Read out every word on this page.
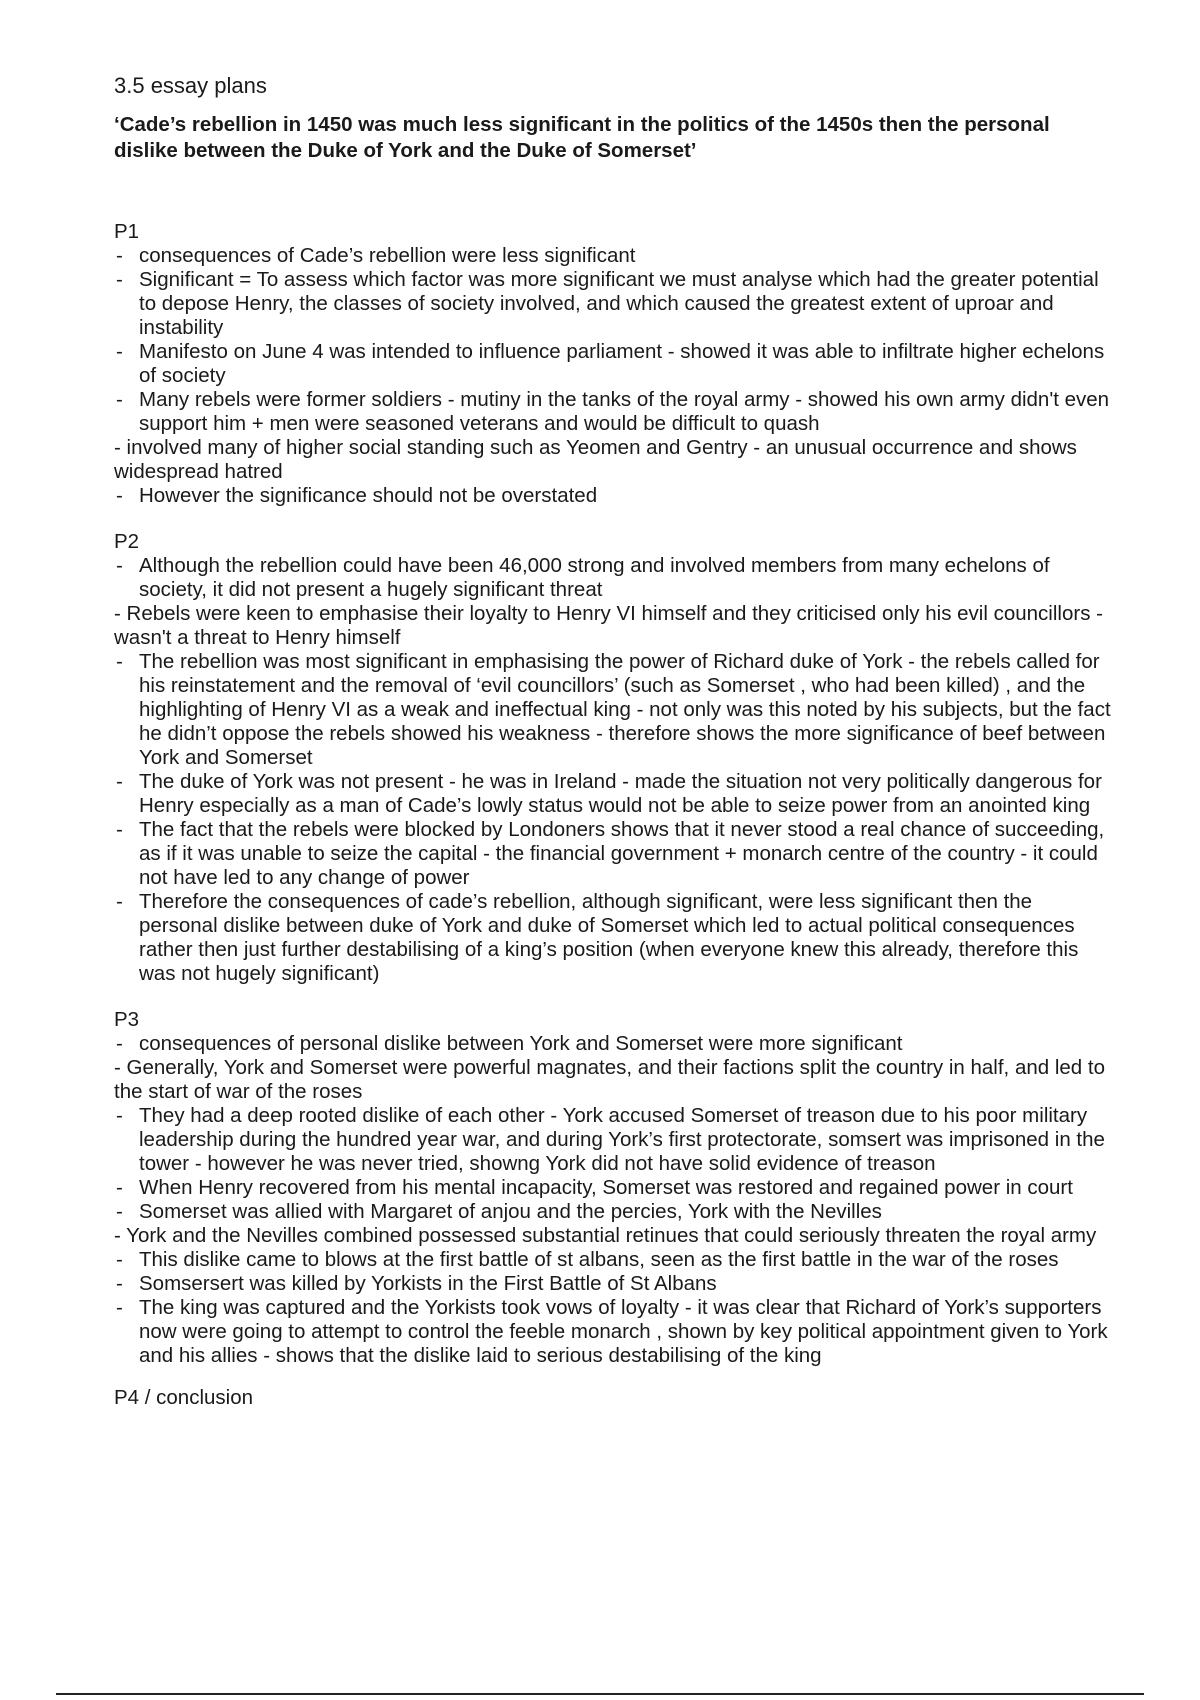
3.5 essay plans
‘Cade’s rebellion in 1450 was much less significant in the politics of the 1450s then the personal dislike between the Duke of York and the Duke of Somerset’
P1
- consequences of Cade’s rebellion were less significant
- Significant = To assess which factor was more significant we must analyse which had the greater potential to depose Henry, the classes of society involved, and which caused the greatest extent of uproar and instability
- Manifesto on June 4 was intended to influence parliament - showed it was able to infiltrate higher echelons of society
- Many rebels were former soldiers - mutiny in the tanks of the royal army - showed his own army didn't even support him + men were seasoned veterans and would be difficult to quash
- involved many of higher social standing such as Yeomen and Gentry - an unusual occurrence and shows widespread hatred
- However the significance should not be overstated
P2
- Although the rebellion could have been 46,000 strong and involved members from many echelons of society, it did not present a hugely significant threat
- Rebels were keen to emphasise their loyalty to Henry VI himself and they criticised only his evil councillors - wasn't a threat to Henry himself
- The rebellion was most significant in emphasising the power of Richard duke of York - the rebels called for his reinstatement and the removal of ‘evil councillors’ (such as Somerset , who had been killed) , and the highlighting of Henry VI as a weak and ineffectual king - not only was this noted by his subjects, but the fact he didn’t oppose the rebels showed his weakness - therefore shows the more significance of beef between York and Somerset
- The duke of York was not present - he was in Ireland - made the situation not very politically dangerous for Henry especially as a man of Cade’s lowly status would not be able to seize power from an anointed king
- The fact that the rebels were blocked by Londoners shows that it never stood a real chance of succeeding, as if it was unable to seize the capital - the financial government + monarch centre of the country - it could not have led to any change of power
- Therefore the consequences of cade’s rebellion, although significant, were less significant then the personal dislike between duke of York and duke of Somerset which led to actual political consequences rather then just further destabilising of a king’s position (when everyone knew this already, therefore this was not hugely significant)
P3
- consequences of personal dislike between York and Somerset were more significant
- Generally, York and Somerset were powerful magnates, and their factions split the country in half, and led to the start of war of the roses
- They had a deep rooted dislike of each other - York accused Somerset of treason due to his poor military leadership during the hundred year war, and during York’s first protectorate, somsert was imprisoned in the tower - however he was never tried, showng York did not have solid evidence of treason
- When Henry recovered from his mental incapacity, Somerset was restored and regained power in court
- Somerset was allied with Margaret of anjou and the percies, York with the Nevilles
- York and the Nevilles combined possessed substantial retinues that could seriously threaten the royal army
- This dislike came to blows at the first battle of st albans, seen as the first battle in the war of the roses
- Somsersert was killed by Yorkists in the First Battle of St Albans
- The king was captured and the Yorkists took vows of loyalty - it was clear that Richard of York’s supporters now were going to attempt to control the feeble monarch , shown by key political appointment given to York and his allies - shows that the dislike laid to serious destabilising of the king
P4 / conclusion
